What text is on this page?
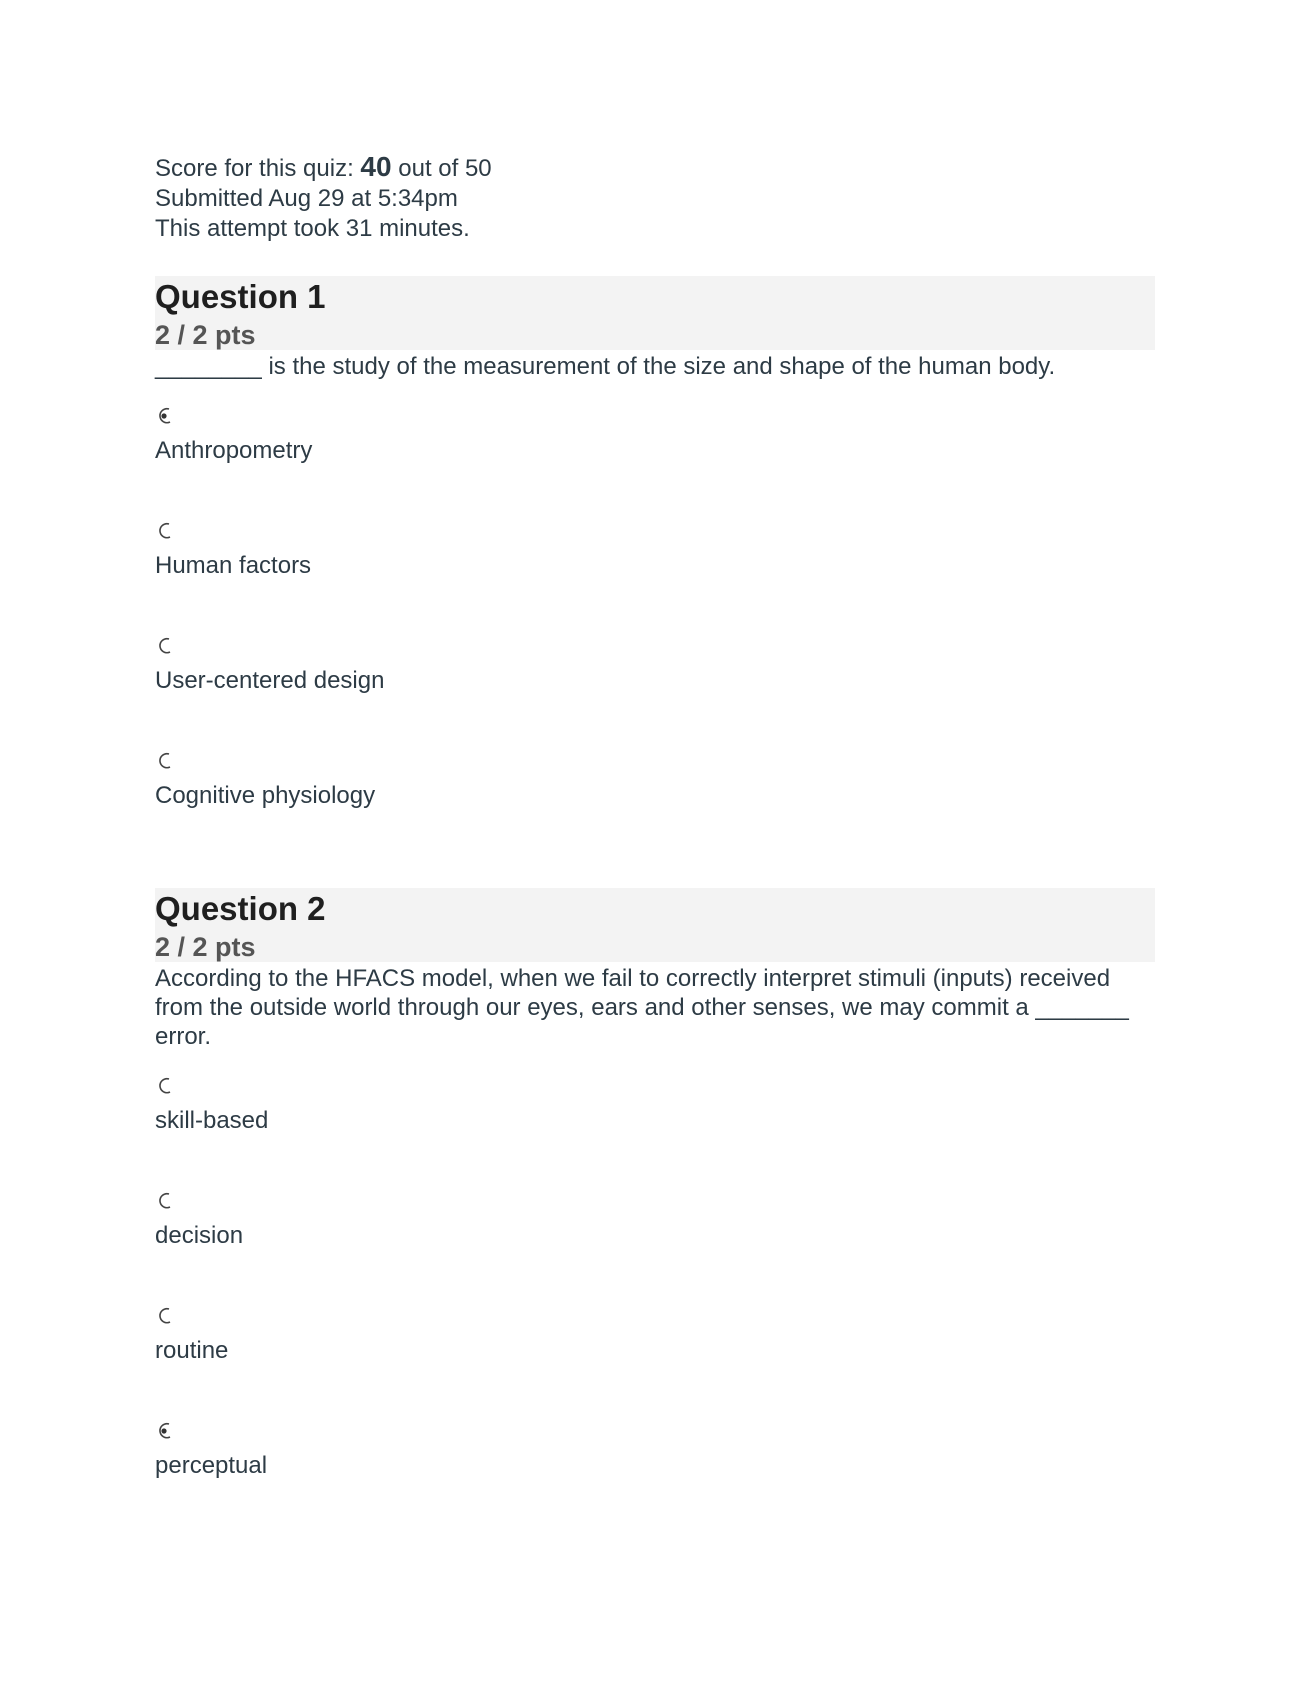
Score for this quiz: 40 out of 50
Submitted Aug 29 at 5:34pm
This attempt took 31 minutes.
Question 1
2 / 2 pts
________ is the study of the measurement of the size and shape of the human body.
Anthropometry
Human factors
User-centered design
Cognitive physiology
Question 2
2 / 2 pts
According to the HFACS model, when we fail to correctly interpret stimuli (inputs) received from the outside world through our eyes, ears and other senses, we may commit a _______ error.
skill-based
decision
routine
perceptual
